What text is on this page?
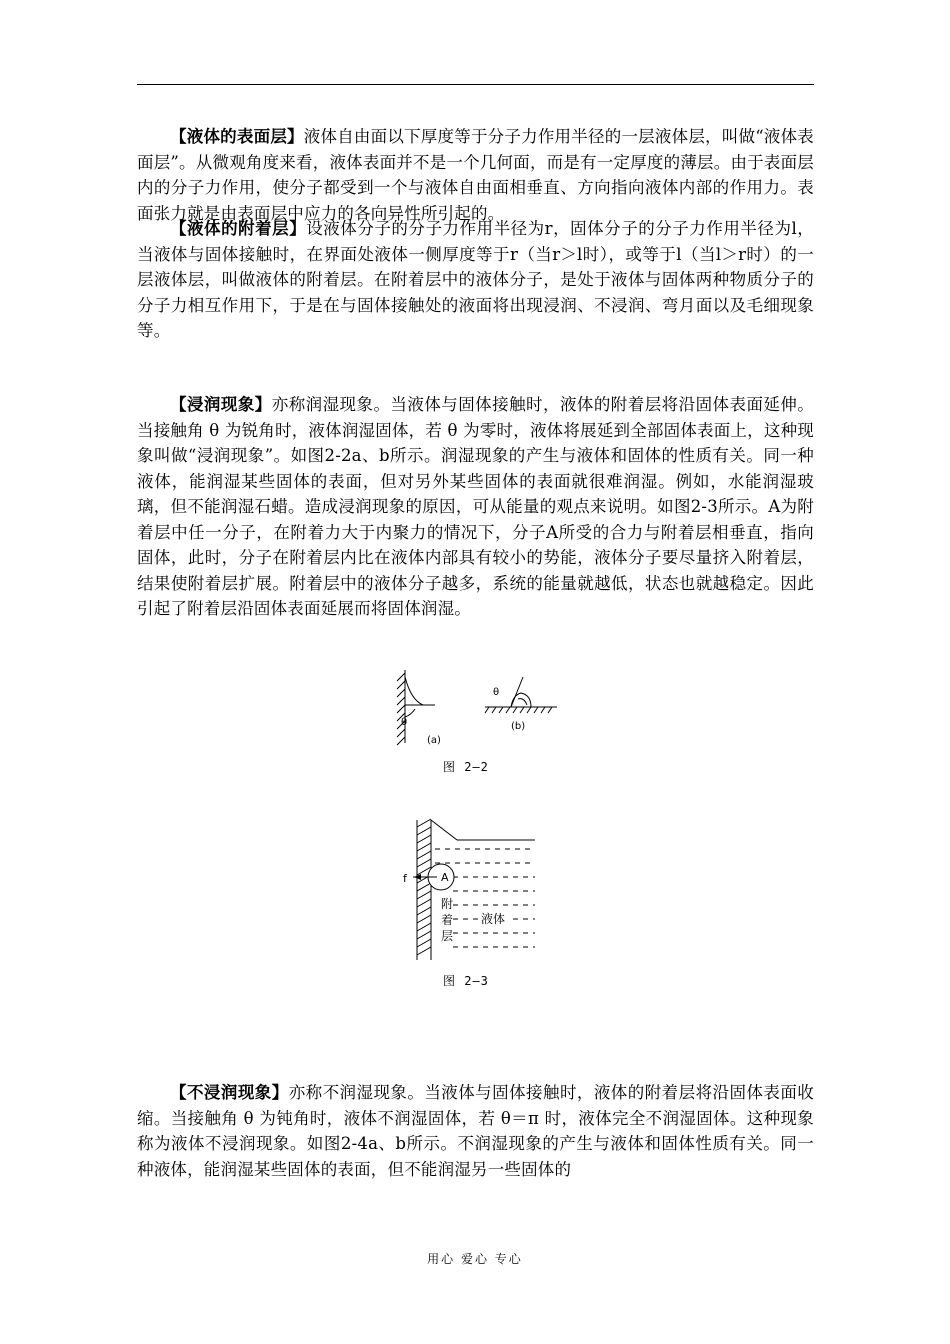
【液体的表面层】液体自由面以下厚度等于分子力作用半径的一层液体层，叫做“液体表面层”。从微观角度来看，液体表面并不是一个几何面，而是有一定厚度的薄层。由于表面层内的分子力作用，使分子都受到一个与液体自由面相垂直、方向指向液体内部的作用力。表面张力就是由表面层中应力的各向异性所引起的。

【液体的附着层】设液体分子的分子力作用半径为r，固体分子的分子力作用半径为l，当液体与固体接触时，在界面处液体一侧厚度等于r（当r＞l时），或等于l（当l＞r时）的一层液体层，叫做液体的附着层。在附着层中的液体分子，是处于液体与固体两种物质分子的分子力相互作用下，于是在与固体接触处的液面将出现浸润、不浸润、弯月面以及毛细现象等。

【浸润现象】亦称润湿现象。当液体与固体接触时，液体的附着层将沿固体表面延伸。当接触角 θ 为锐角时，液体润湿固体，若 θ 为零时，液体将展延到全部固体表面上，这种现象叫做“浸润现象”。如图2-2a、b所示。润湿现象的产生与液体和固体的性质有关。同一种液体，能润湿某些固体的表面，但对另外某些固体的表面就很难润湿。例如，水能润湿玻璃，但不能润湿石蜡。造成浸润现象的原因，可从能量的观点来说明。如图2-3所示。A为附着层中任一分子，在附着力大于内聚力的情况下，分子A所受的合力与附着层相垂直，指向固体，此时，分子在附着层内比在液体内部具有较小的势能，液体分子要尽量挤入附着层，结果使附着层扩展。附着层中的液体分子越多，系统的能量就越低，状态也就越稳定。因此引起了附着层沿固体表面延展而将固体润湿。

θ
(a)
θ
(b)
图 2—2
f	A
附
着
层
液体
图 2—3

【不浸润现象】亦称不润湿现象。当液体与固体接触时，液体的附着层将沿固体表面收缩。当接触角 θ 为钝角时，液体不润湿固体，若 θ＝π 时，液体完全不润湿固体。这种现象称为液体不浸润现象。如图2-4a、b所示。不润湿现象的产生与液体和固体性质有关。同一种液体，能润湿某些固体的表面，但不能润湿另一些固体的

用心 爱心 专心
